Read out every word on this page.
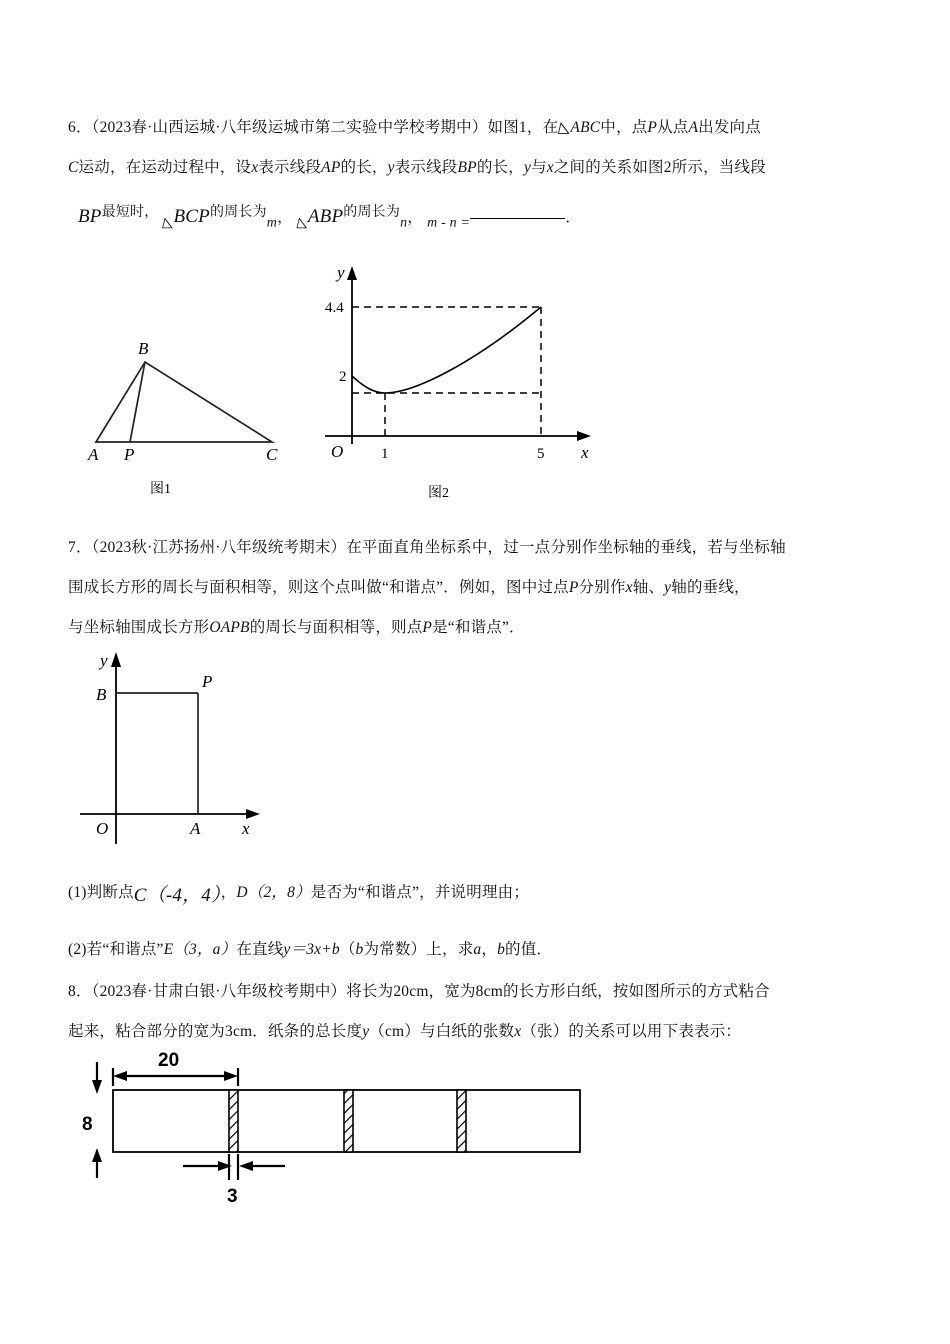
6．（2023春·山西运城·八年级运城市第二实验中学校考期中）如图1，在◺ABC中，点P从点A出发向点
C运动，在运动过程中，设x表示线段AP的长，y表示线段BP的长，y与x之间的关系如图2所示，当线段
BP最短时， ◺BCP的周长为m， ◺ABP的周长为n， m - n =	．
A P	C
B
图1
4.4
2
O	1	5 x
y
图2
7．（2023秋·江苏扬州·八年级统考期末）在平面直角坐标系中，过一点分别作坐标轴的垂线，若与坐标轴
围成长方形的周长与面积相等，则这个点叫做“和谐点”．例如，图中过点P分别作x轴、y轴的垂线，
与坐标轴围成长方形OAPB的周长与面积相等，则点P是“和谐点”．
B
P
O	A x
y
(1)判断点C（-4，4），D（2，8）是否为“和谐点”，并说明理由；
(2)若“和谐点”E（3，a）在直线y＝3x+b（b为常数）上，求a，b的值．
8．（2023春·甘肃白银·八年级校考期中）将长为20cm，宽为8cm的长方形白纸，按如图所示的方式粘合
起来，粘合部分的宽为3cm．纸条的总长度y（cm）与白纸的张数x（张）的关系可以用下表表示：
20
8
3
